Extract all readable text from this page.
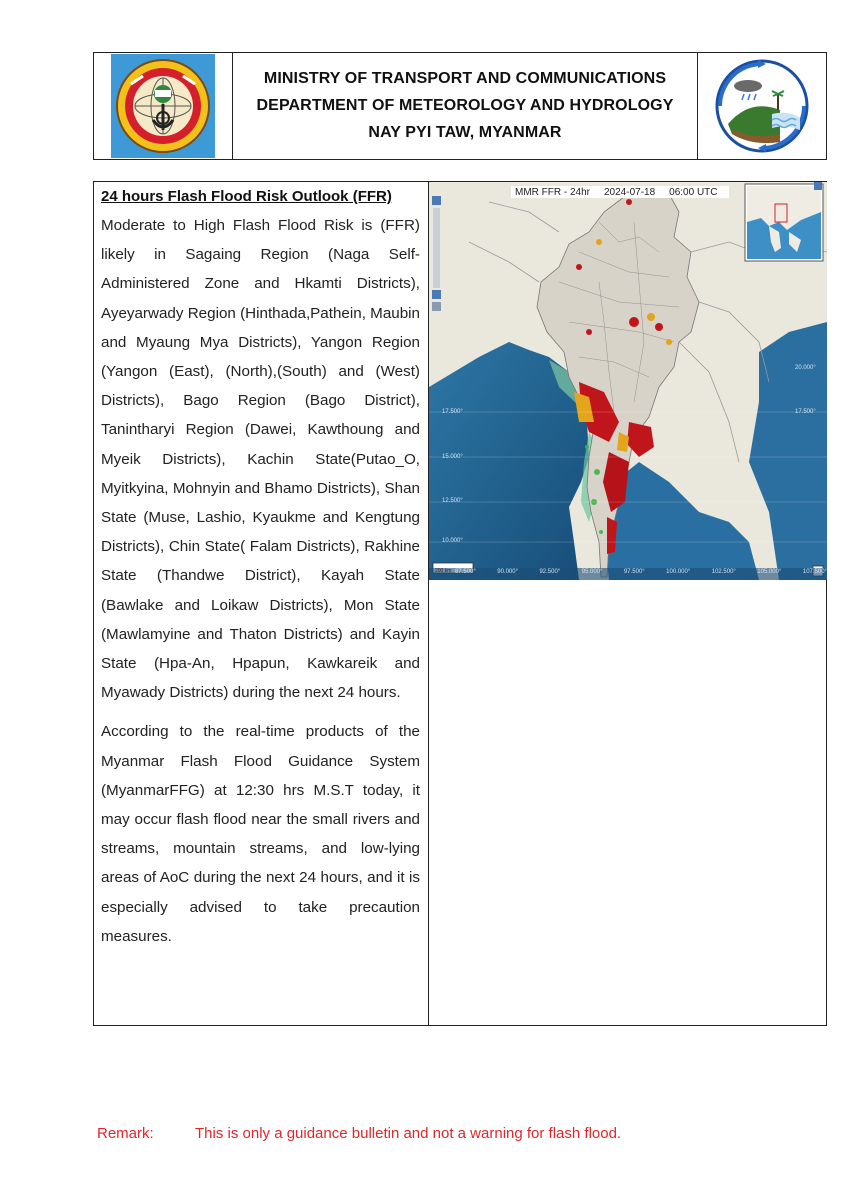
MINISTRY OF TRANSPORT AND COMMUNICATIONS
DEPARTMENT OF METEOROLOGY AND HYDROLOGY
NAY PYI TAW, MYANMAR
24 hours Flash Flood Risk Outlook (FFR)

Moderate to High Flash Flood Risk is (FFR) likely in Sagaing Region (Naga Self-Administered Zone and Hkamti Districts), Ayeyarwady Region (Hinthada,Pathein, Maubin and Myaung Mya Districts), Yangon Region (Yangon (East), (North),(South) and (West) Districts), Bago Region (Bago District), Tanintharyi Region (Dawei, Kawthoung and Myeik Districts), Kachin State(Putao_O, Myitkyina, Mohnyin and Bhamo Districts), Shan State (Muse, Lashio, Kyaukme and Kengtung Districts), Chin State( Falam Districts), Rakhine State (Thandwe District), Kayah State (Bawlake and Loikaw Districts), Mon State (Mawlamyine and Thaton Districts) and Kayin State (Hpa-An, Hpapun, Kawkareik and Myawady Districts) during the next 24 hours.

According to the real-time products of the Myanmar Flash Flood Guidance System (MyanmarFFG) at 12:30 hrs M.S.T today, it may occur flash flood near the small rivers and streams, mountain streams, and low-lying areas of AoC during the next 24 hours, and it is especially advised to take precaution measures.

200 km
MMR FFR - 24hr 2024-07-18 06:00 UTC
17.500°
15.000°
12.500°
10.000°
20.000°
17.500°
87.500°	90.000°	92.500°	95.000°	97.500°	100.000°	102.500°	105.000°	107.500°
Remark:	This is only a guidance bulletin and not a warning for flash flood.
